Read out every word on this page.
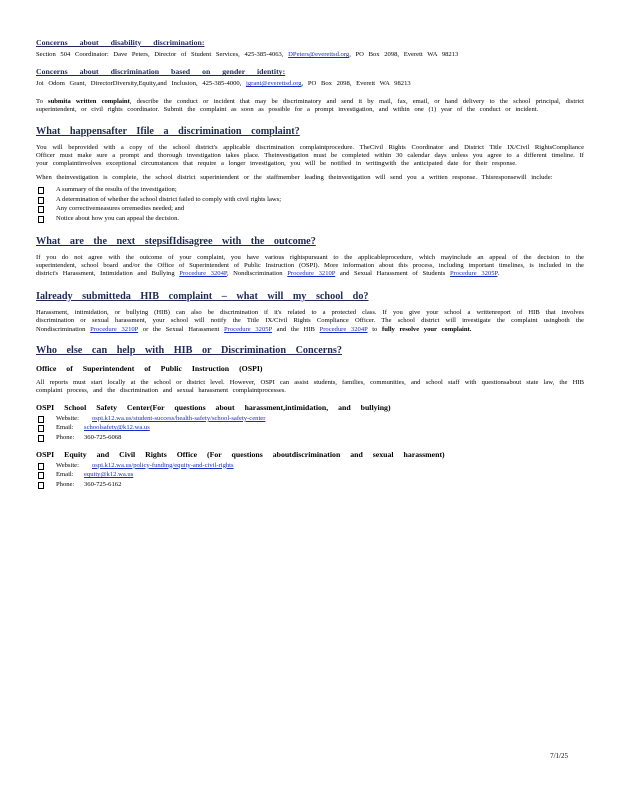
Concerns about disability discrimination:

Section 504 Coordinator: Dave Peters, Director of Student Services, 425-385-4063, DPeters@everettsd.org, PO Box 2098, Everett WA 98213

Concerns about discrimination based on gender identity:

Joi Odom Grant, DirectorDiversity,Equity,and Inclusion, 425-385-4000, jgrant@everettsd.org, PO Box 2098, Everett WA 98213

To submita written complaint, describe the conduct or incident that may be discriminatory and send it by mail, fax, email, or hand delivery to the school principal, district superintendent, or civil rights coordinator. Submit the complaint as soon as possible for a prompt investigation, and within one (1) year of the conduct or incident.

What happensafter Ifile a discrimination complaint?

You will beprovided with a copy of the school district's applicable discrimination complaintprocedure. TheCivil Rights Coordinator and District Title IX/Civil RightsCompliance Officer must make sure a prompt and thorough investigation takes place. Theinvestigation must be completed within 30 calendar days unless you agree to a different timeline. If your complaintinvolves exceptional circumstances that require a longer investigation, you will be notified in writingwith the anticipated date for their response.

When theinvestigation is complete, the school district superintendent or the staffmember leading theinvestigation will send you a written response. Thisresponsewill include:

A summary of the results of the investigation;
A determination of whether the school district failed to comply with civil rights laws;
Any correctivemeasures orremedies needed; and
Notice about how you can appeal the decision.

What are the next stepsifIdisagree with the outcome?

If you do not agree with the outcome of your complaint, you have various rightspursuant to the applicableprocedure, which mayinclude an appeal of the decision to the superintendent, school board and/or the Office of Superintendent of Public Instruction (OSPI). More information about this process, including important timelines, is included in the district's Harassment, Intimidation and Bullying Procedure 3204P, Nondiscrimination Procedure 3210P and Sexual Harassment of Students Procedure 3205P.

Ialready submitteda HIB complaint – what will my school do?

Harassment, intimidation, or bullying (HIB) can also be discrimination if it's related to a protected class. If you give your school a writtenreport of HIB that involves discrimination or sexual harassment, your school will notify the Title IX/Civil Rights Compliance Officer. The school district will investigate the complaint usingboth the Nondiscrimination Procedure 3210P or the Sexual Harassment Procedure 3205P and the HIB Procedure 3204P to fully resolve your complaint.

Who else can help with HIB or Discrimination Concerns?

Office of Superintendent of Public Instruction (OSPI)

All reports must start locally at the school or district level. However, OSPI can assist students, families, communities, and school staff with questionsabout state law, the HIB complaint process, and the discrimination and sexual harassment complaintprocesses.

OSPI School Safety Center(For questions about harassment,intimidation, and bullying)

Website:	ospi.k12.wa.us/student-success/health-safety/school-safety-center
Email:	schoolsafety@k12.wa.us
Phone:	360-725-6068

OSPI Equity and Civil Rights Office (For questions aboutdiscrimination and sexual harassment)

Website:	ospi.k12.wa.us/policy-funding/equity-and-civil-rights
Email:	equity@k12.wa.us
Phone:	360-725-6162
7/1/25
